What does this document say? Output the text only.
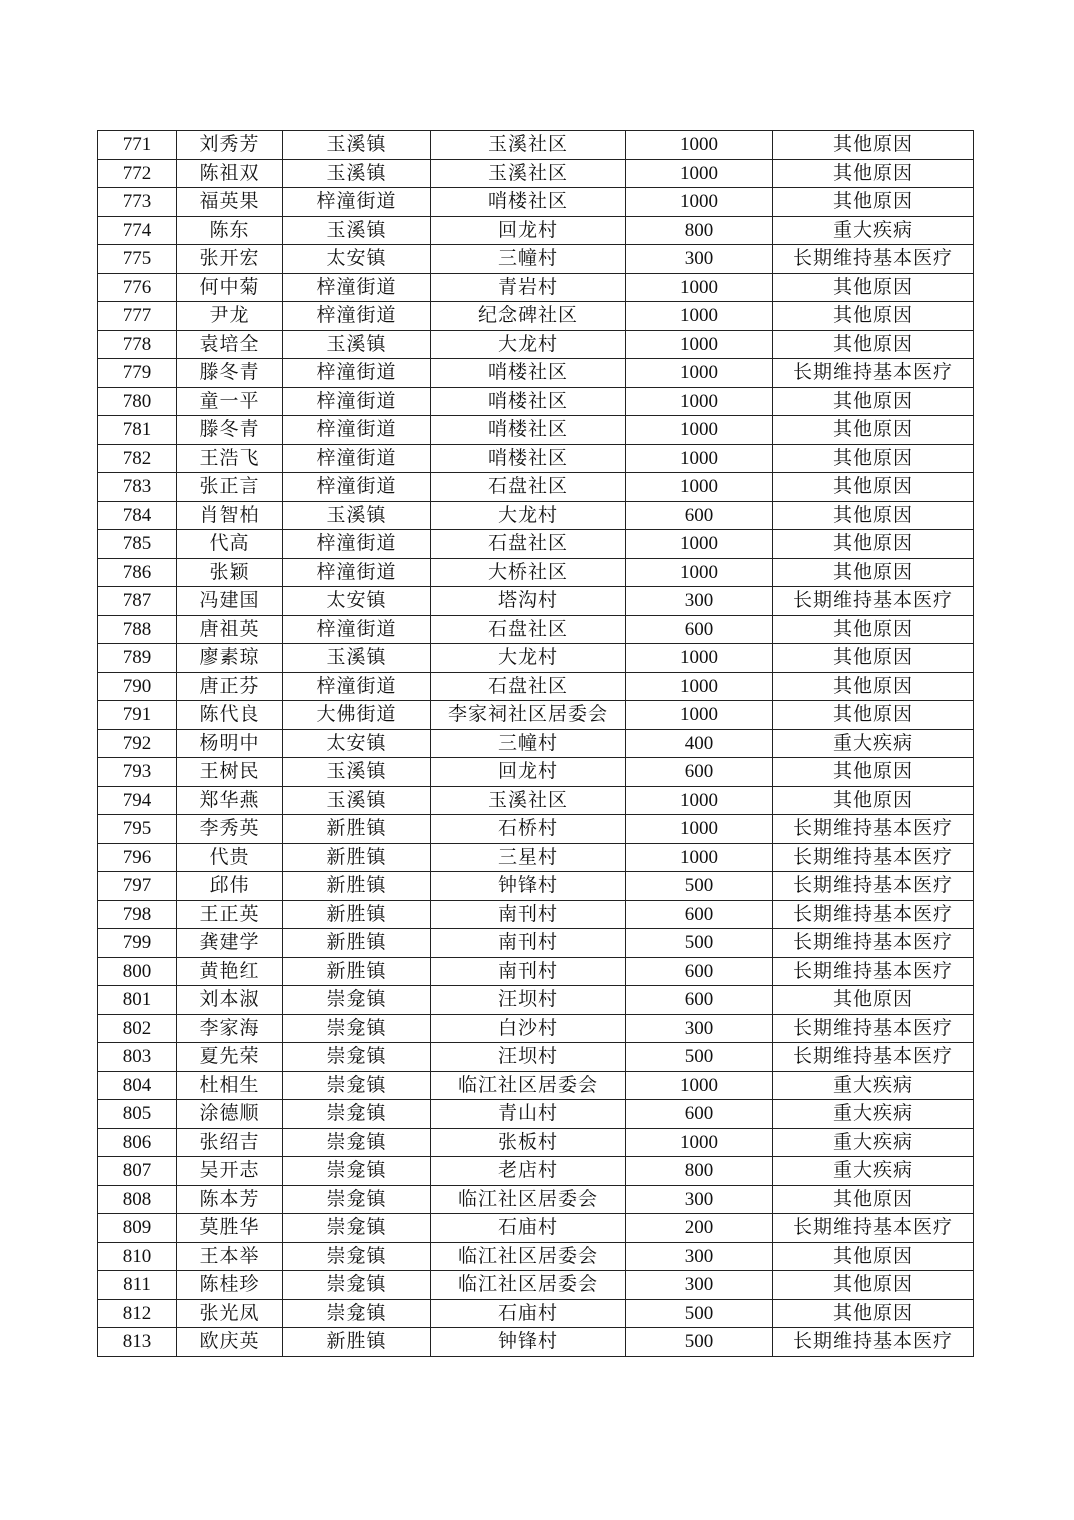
771	刘秀芳	玉溪镇	玉溪社区	1000	其他原因
772	陈祖双	玉溪镇	玉溪社区	1000	其他原因
773	福英果	梓潼街道	哨楼社区	1000	其他原因
774	陈东	玉溪镇	回龙村	800	重大疾病
775	张开宏	太安镇	三幢村	300	长期维持基本医疗
776	何中菊	梓潼街道	青岩村	1000	其他原因
777	尹龙	梓潼街道	纪念碑社区	1000	其他原因
778	袁培全	玉溪镇	大龙村	1000	其他原因
779	滕冬青	梓潼街道	哨楼社区	1000	长期维持基本医疗
780	童一平	梓潼街道	哨楼社区	1000	其他原因
781	滕冬青	梓潼街道	哨楼社区	1000	其他原因
782	王浩飞	梓潼街道	哨楼社区	1000	其他原因
783	张正言	梓潼街道	石盘社区	1000	其他原因
784	肖智柏	玉溪镇	大龙村	600	其他原因
785	代高	梓潼街道	石盘社区	1000	其他原因
786	张颖	梓潼街道	大桥社区	1000	其他原因
787	冯建国	太安镇	塔沟村	300	长期维持基本医疗
788	唐祖英	梓潼街道	石盘社区	600	其他原因
789	廖素琼	玉溪镇	大龙村	1000	其他原因
790	唐正芬	梓潼街道	石盘社区	1000	其他原因
791	陈代良	大佛街道	李家祠社区居委会	1000	其他原因
792	杨明中	太安镇	三幢村	400	重大疾病
793	王树民	玉溪镇	回龙村	600	其他原因
794	郑华燕	玉溪镇	玉溪社区	1000	其他原因
795	李秀英	新胜镇	石桥村	1000	长期维持基本医疗
796	代贵	新胜镇	三星村	1000	长期维持基本医疗
797	邱伟	新胜镇	钟锋村	500	长期维持基本医疗
798	王正英	新胜镇	南刊村	600	长期维持基本医疗
799	龚建学	新胜镇	南刊村	500	长期维持基本医疗
800	黄艳红	新胜镇	南刊村	600	长期维持基本医疗
801	刘本淑	崇龛镇	汪坝村	600	其他原因
802	李家海	崇龛镇	白沙村	300	长期维持基本医疗
803	夏先荣	崇龛镇	汪坝村	500	长期维持基本医疗
804	杜相生	崇龛镇	临江社区居委会	1000	重大疾病
805	涂德顺	崇龛镇	青山村	600	重大疾病
806	张绍吉	崇龛镇	张板村	1000	重大疾病
807	吴开志	崇龛镇	老店村	800	重大疾病
808	陈本芳	崇龛镇	临江社区居委会	300	其他原因
809	莫胜华	崇龛镇	石庙村	200	长期维持基本医疗
810	王本举	崇龛镇	临江社区居委会	300	其他原因
811	陈桂珍	崇龛镇	临江社区居委会	300	其他原因
812	张光凤	崇龛镇	石庙村	500	其他原因
813	欧庆英	新胜镇	钟锋村	500	长期维持基本医疗
